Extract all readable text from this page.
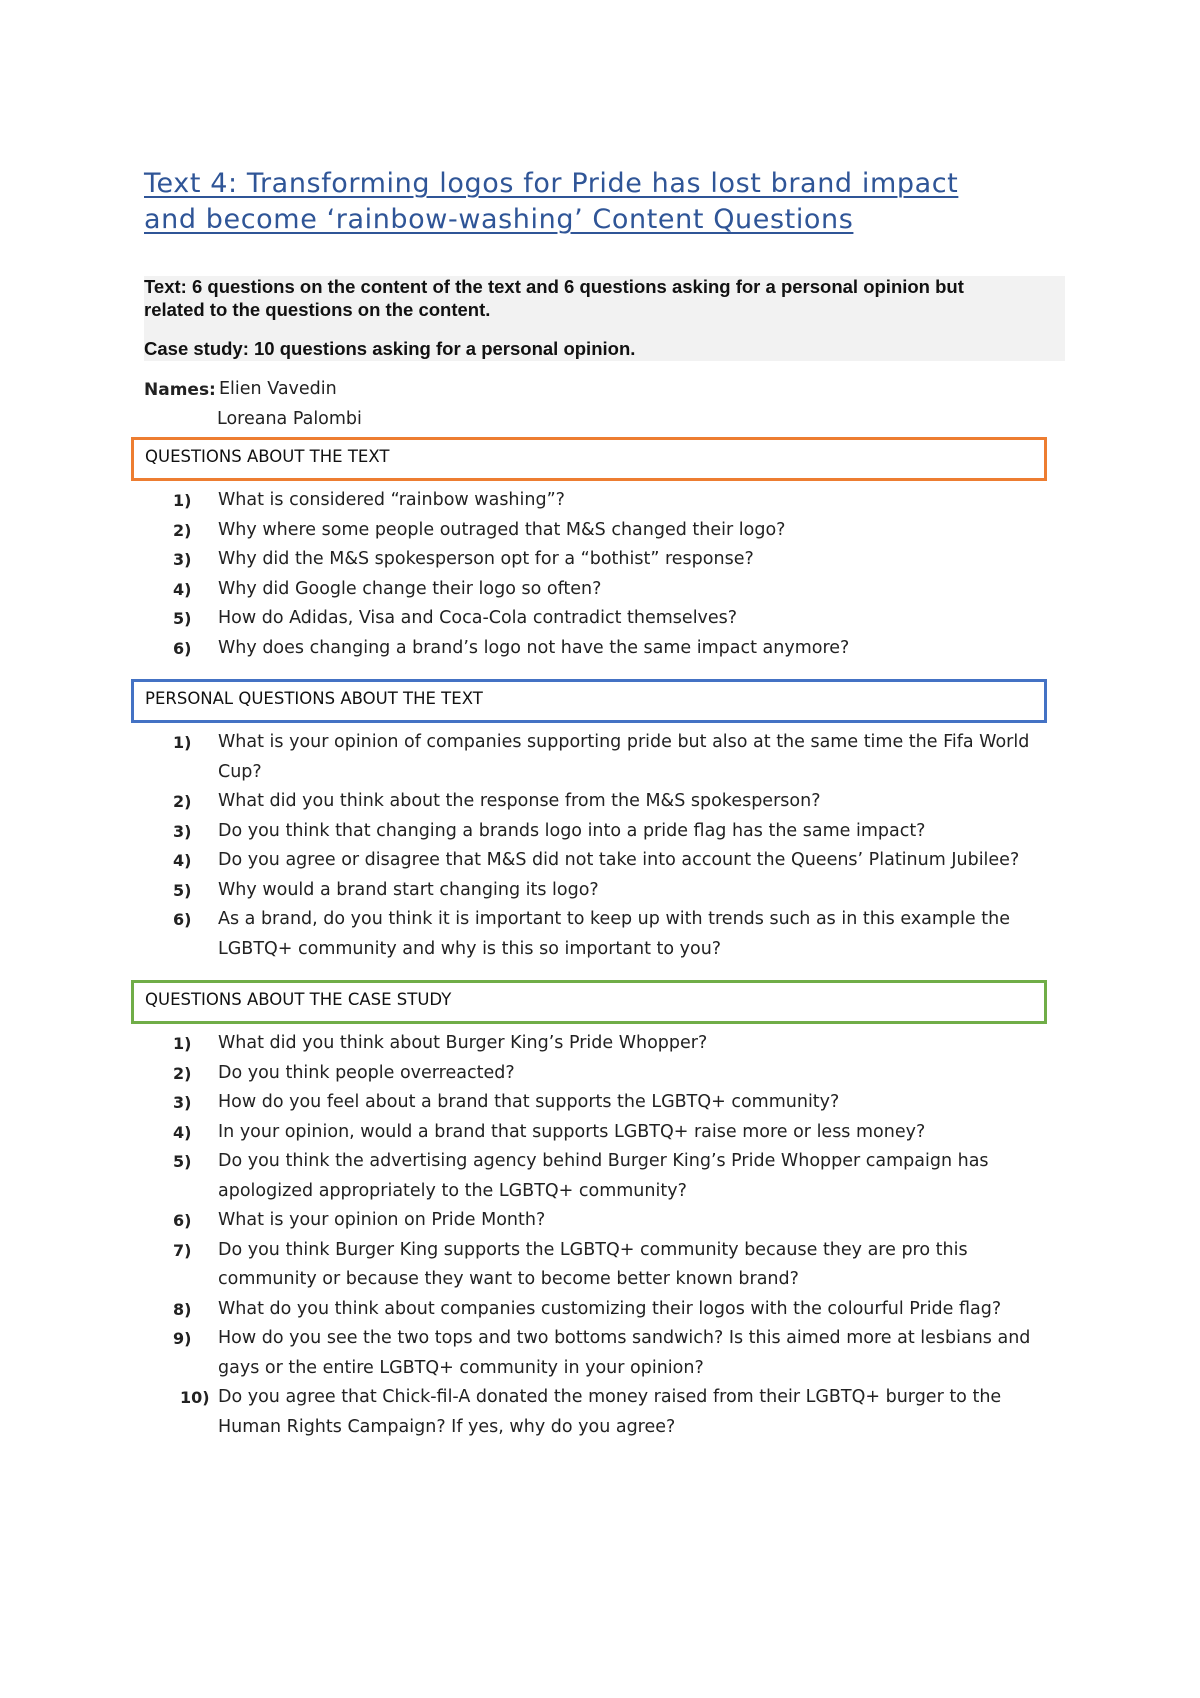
Text 4: Transforming logos for Pride has lost brand impact and become ‘rainbow-washing’ Content Questions

Text: 6 questions on the content of the text and 6 questions asking for a personal opinion but

related to the questions on the content.

Case study: 10 questions asking for a personal opinion.

Names: Elien Vavedin
Loreana Palombi
QUESTIONS ABOUT THE TEXT
1)	What is considered “rainbow washing”?
2)	Why where some people outraged that M&S changed their logo?
3)	Why did the M&S spokesperson opt for a “bothist” response?
4)	Why did Google change their logo so often?
5)	How do Adidas, Visa and Coca-Cola contradict themselves?
6)	Why does changing a brand’s logo not have the same impact anymore?
PERSONAL QUESTIONS ABOUT THE TEXT
1)	What is your opinion of companies supporting pride but also at the same time the Fifa World Cup?
2)	What did you think about the response from the M&S spokesperson?
3)	Do you think that changing a brands logo into a pride flag has the same impact?
4)	Do you agree or disagree that M&S did not take into account the Queens’ Platinum Jubilee?
5)	Why would a brand start changing its logo?
6)	As a brand, do you think it is important to keep up with trends such as in this example the LGBTQ+ community and why is this so important to you?
QUESTIONS ABOUT THE CASE STUDY
1)	What did you think about Burger King’s Pride Whopper?
2)	Do you think people overreacted?
3)	How do you feel about a brand that supports the LGBTQ+ community?
4)	In your opinion, would a brand that supports LGBTQ+ raise more or less money?
5)	Do you think the advertising agency behind Burger King’s Pride Whopper campaign has apologized appropriately to the LGBTQ+ community?
6)	What is your opinion on Pride Month?
7)	Do you think Burger King supports the LGBTQ+ community because they are pro this community or because they want to become better known brand?
8)	What do you think about companies customizing their logos with the colourful Pride flag?
9)	How do you see the two tops and two bottoms sandwich? Is this aimed more at lesbians and gays or the entire LGBTQ+ community in your opinion?
10) Do you agree that Chick-fil-A donated the money raised from their LGBTQ+ burger to the Human Rights Campaign? If yes, why do you agree?
